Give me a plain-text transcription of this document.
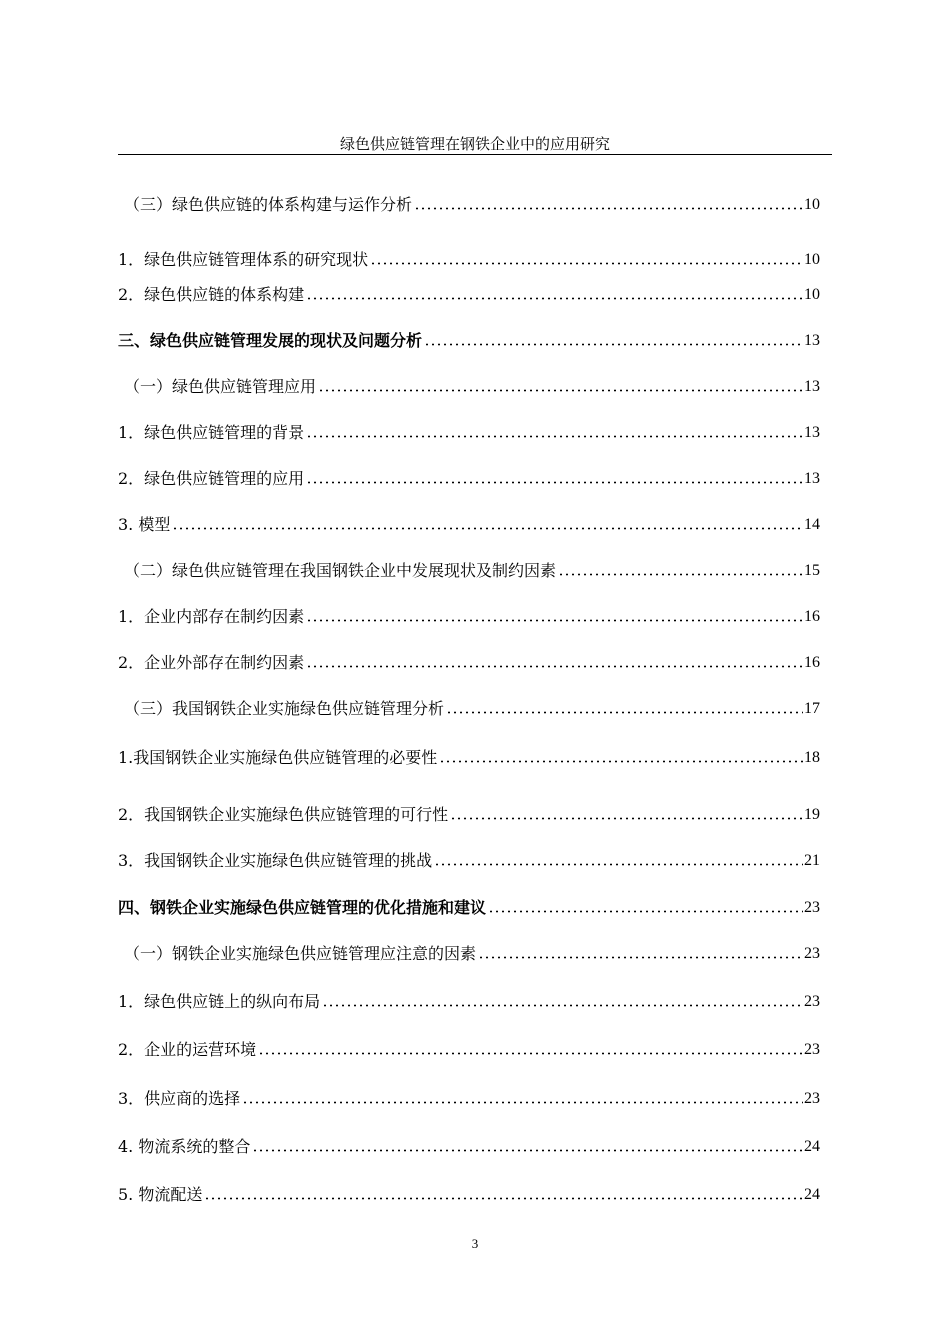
绿色供应链管理在钢铁企业中的应用研究
（三）绿色供应链的体系构建与运作分析	10
1．绿色供应链管理体系的研究现状	10
2．绿色供应链的体系构建	10
三、绿色供应链管理发展的现状及问题分析	13
（一）绿色供应链管理应用	13
1．绿色供应链管理的背景	13
2．绿色供应链管理的应用	13
3. 模型	14
（二）绿色供应链管理在我国钢铁企业中发展现状及制约因素	15
1．企业内部存在制约因素	16
2．企业外部存在制约因素	16
（三）我国钢铁企业实施绿色供应链管理分析	17
1.我国钢铁企业实施绿色供应链管理的必要性	18
2．我国钢铁企业实施绿色供应链管理的可行性	19
3．我国钢铁企业实施绿色供应链管理的挑战	21
四、钢铁企业实施绿色供应链管理的优化措施和建议	23
（一）钢铁企业实施绿色供应链管理应注意的因素	23
1．绿色供应链上的纵向布局	23
2．企业的运营环境	23
3．供应商的选择	23
4. 物流系统的整合	24
5. 物流配送	24
3
